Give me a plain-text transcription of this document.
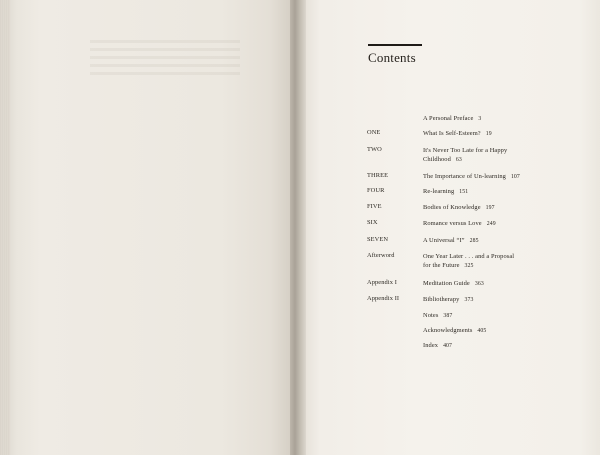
Contents
A Personal Preface 3
ONE	What Is Self-Esteem? 19
TWO	It's Never Too Late for a Happy
Childhood 63
THREE	The Importance of Un-learning 107
FOUR	Re-learning 151
FIVE	Bodies of Knowledge 197
SIX	Romance versus Love 249
SEVEN	A Universal “I” 285
Afterword	One Year Later . . . and a Proposal
for the Future 325
Appendix I	Meditation Guide 363
Appendix II	Bibliotherapy 373
Notes 387
Acknowledgments 405
Index 407
